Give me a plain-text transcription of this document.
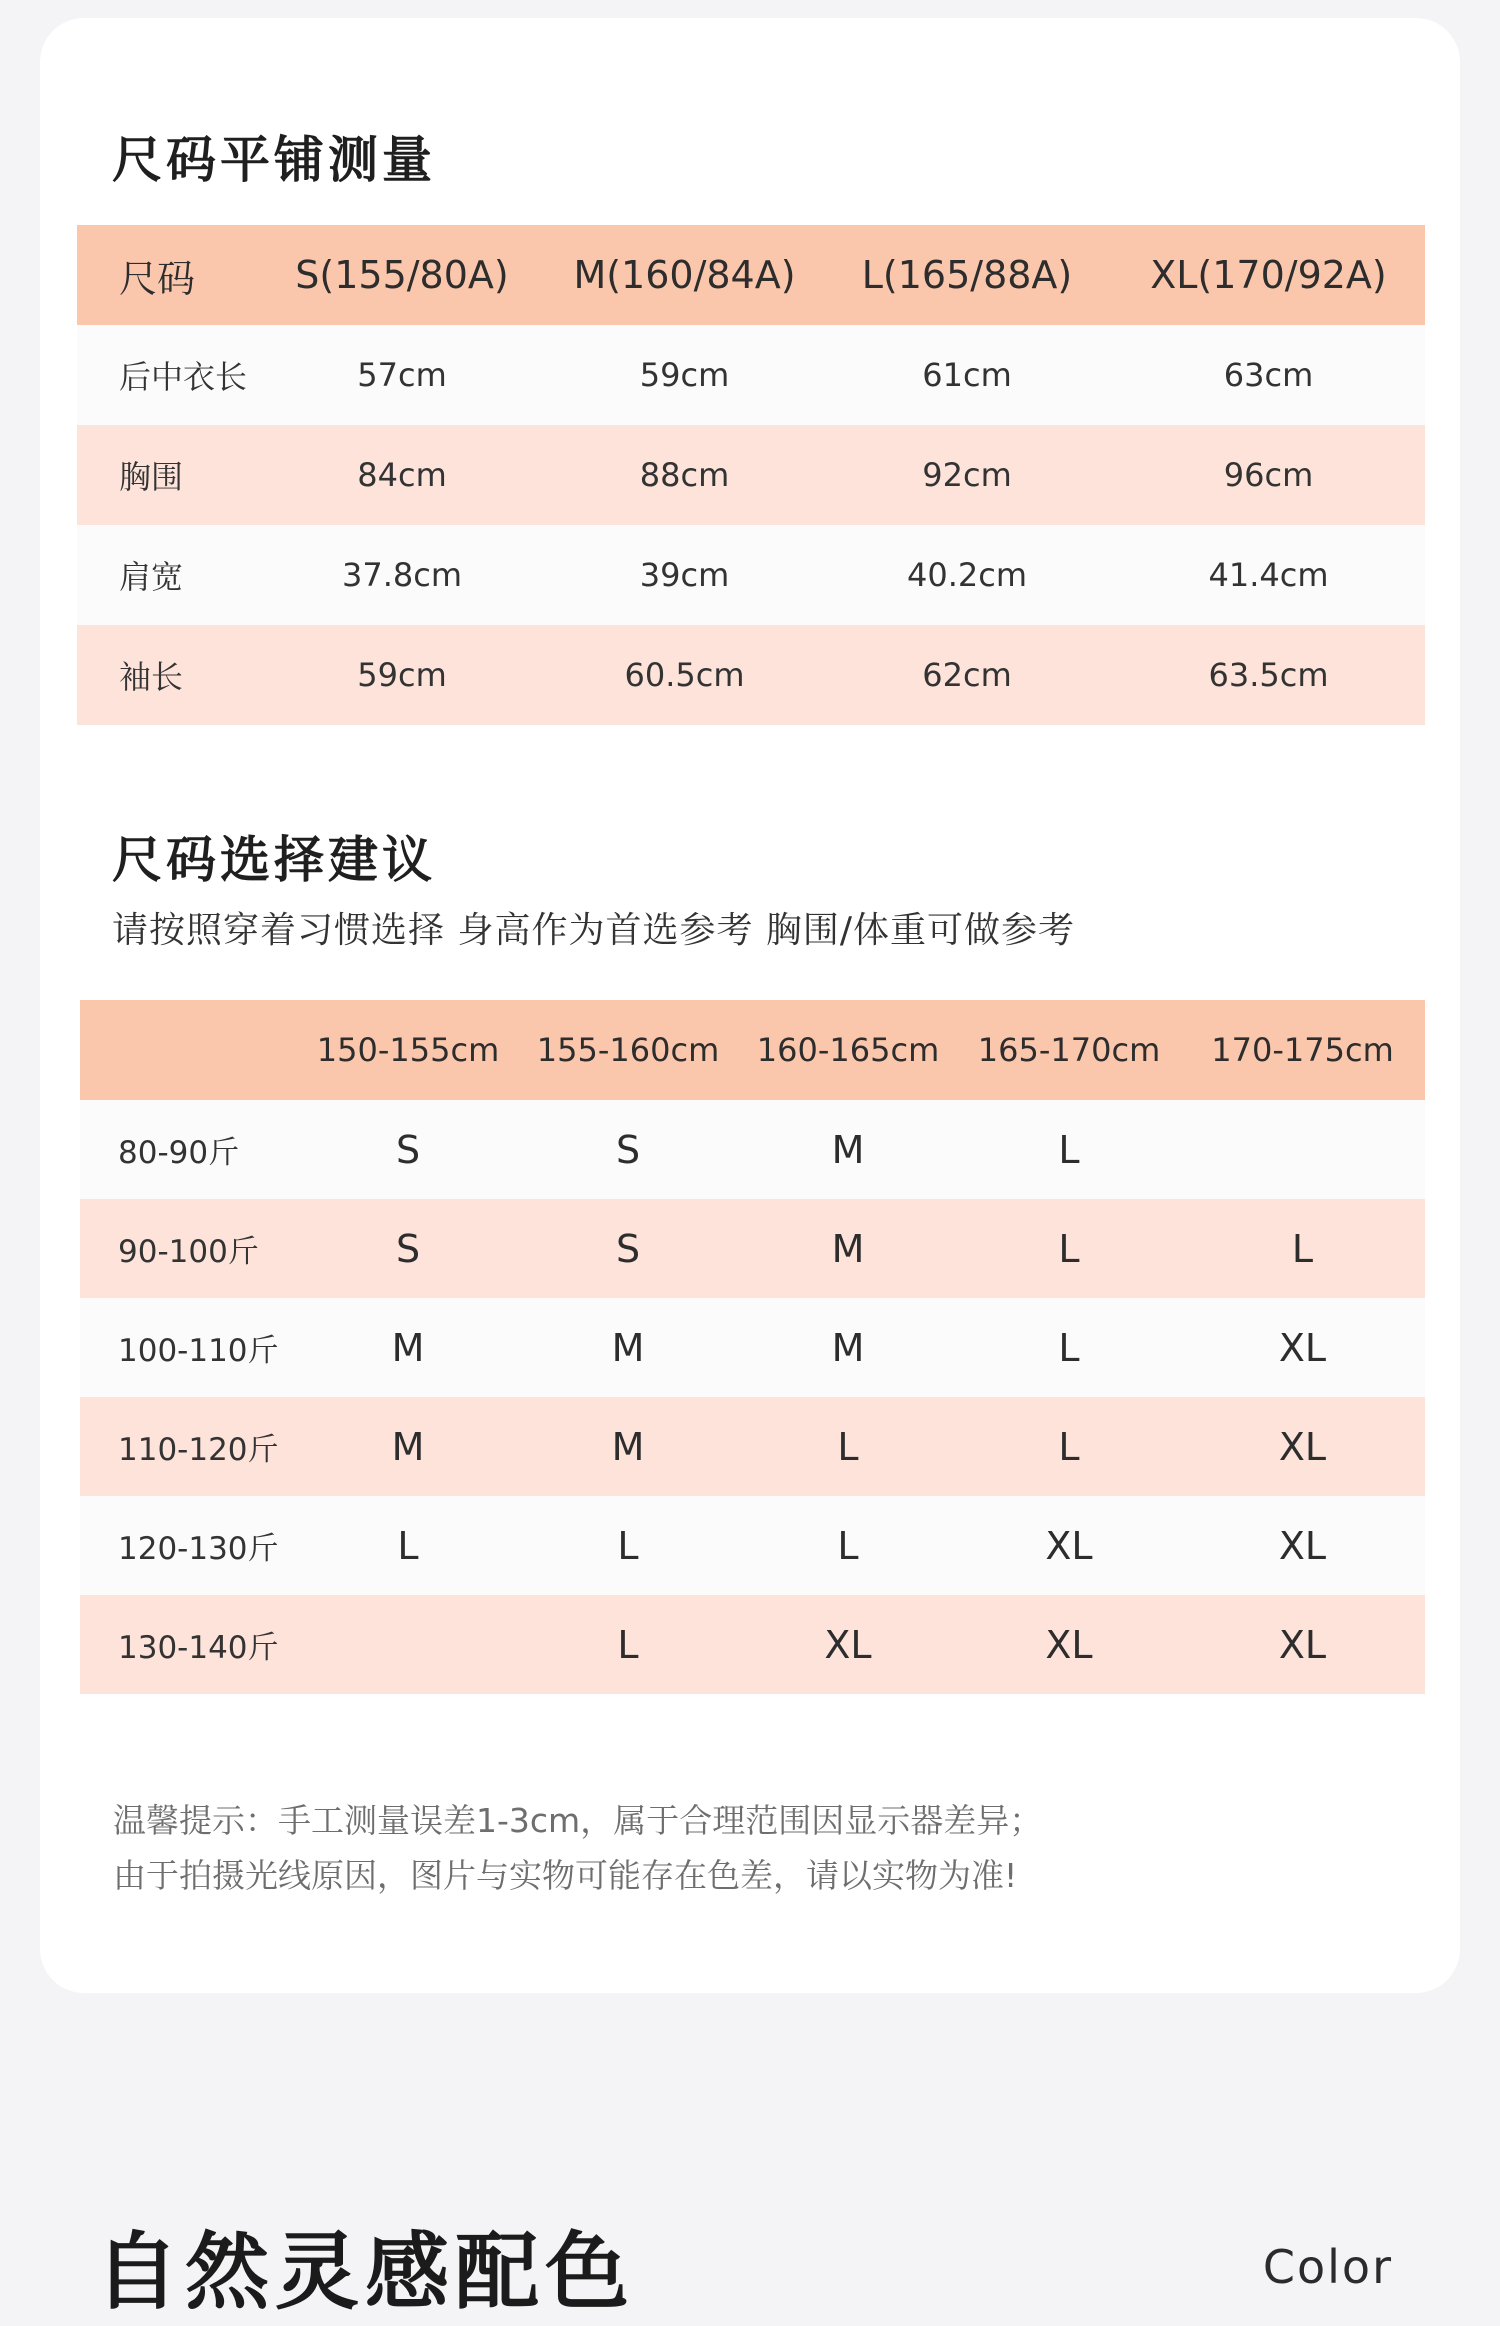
尺码平铺测量
尺码	S(155/80A)	M(160/84A)	L(165/88A)	XL(170/92A)
后中衣长	57cm	59cm	61cm	63cm
胸围	84cm	88cm	92cm	96cm
肩宽	37.8cm	39cm	40.2cm	41.4cm
袖长	59cm	60.5cm	62cm	63.5cm
尺码选择建议

请按照穿着习惯选择 身高作为首选参考 胸围/体重可做参考

	150-155cm	155-160cm	160-165cm	165-170cm	170-175cm
80-90斤	S	S	M	L	
90-100斤	S	S	M	L	L
100-110斤	M	M	M	L	XL
110-120斤	M	M	L	L	XL
120-130斤	L	L	L	XL	XL
130-140斤		L	XL	XL	XL

温馨提示：手工测量误差1-3cm，属于合理范围因显示器差异；

由于拍摄光线原因，图片与实物可能存在色差，请以实物为准!

自然灵感配色	Color
